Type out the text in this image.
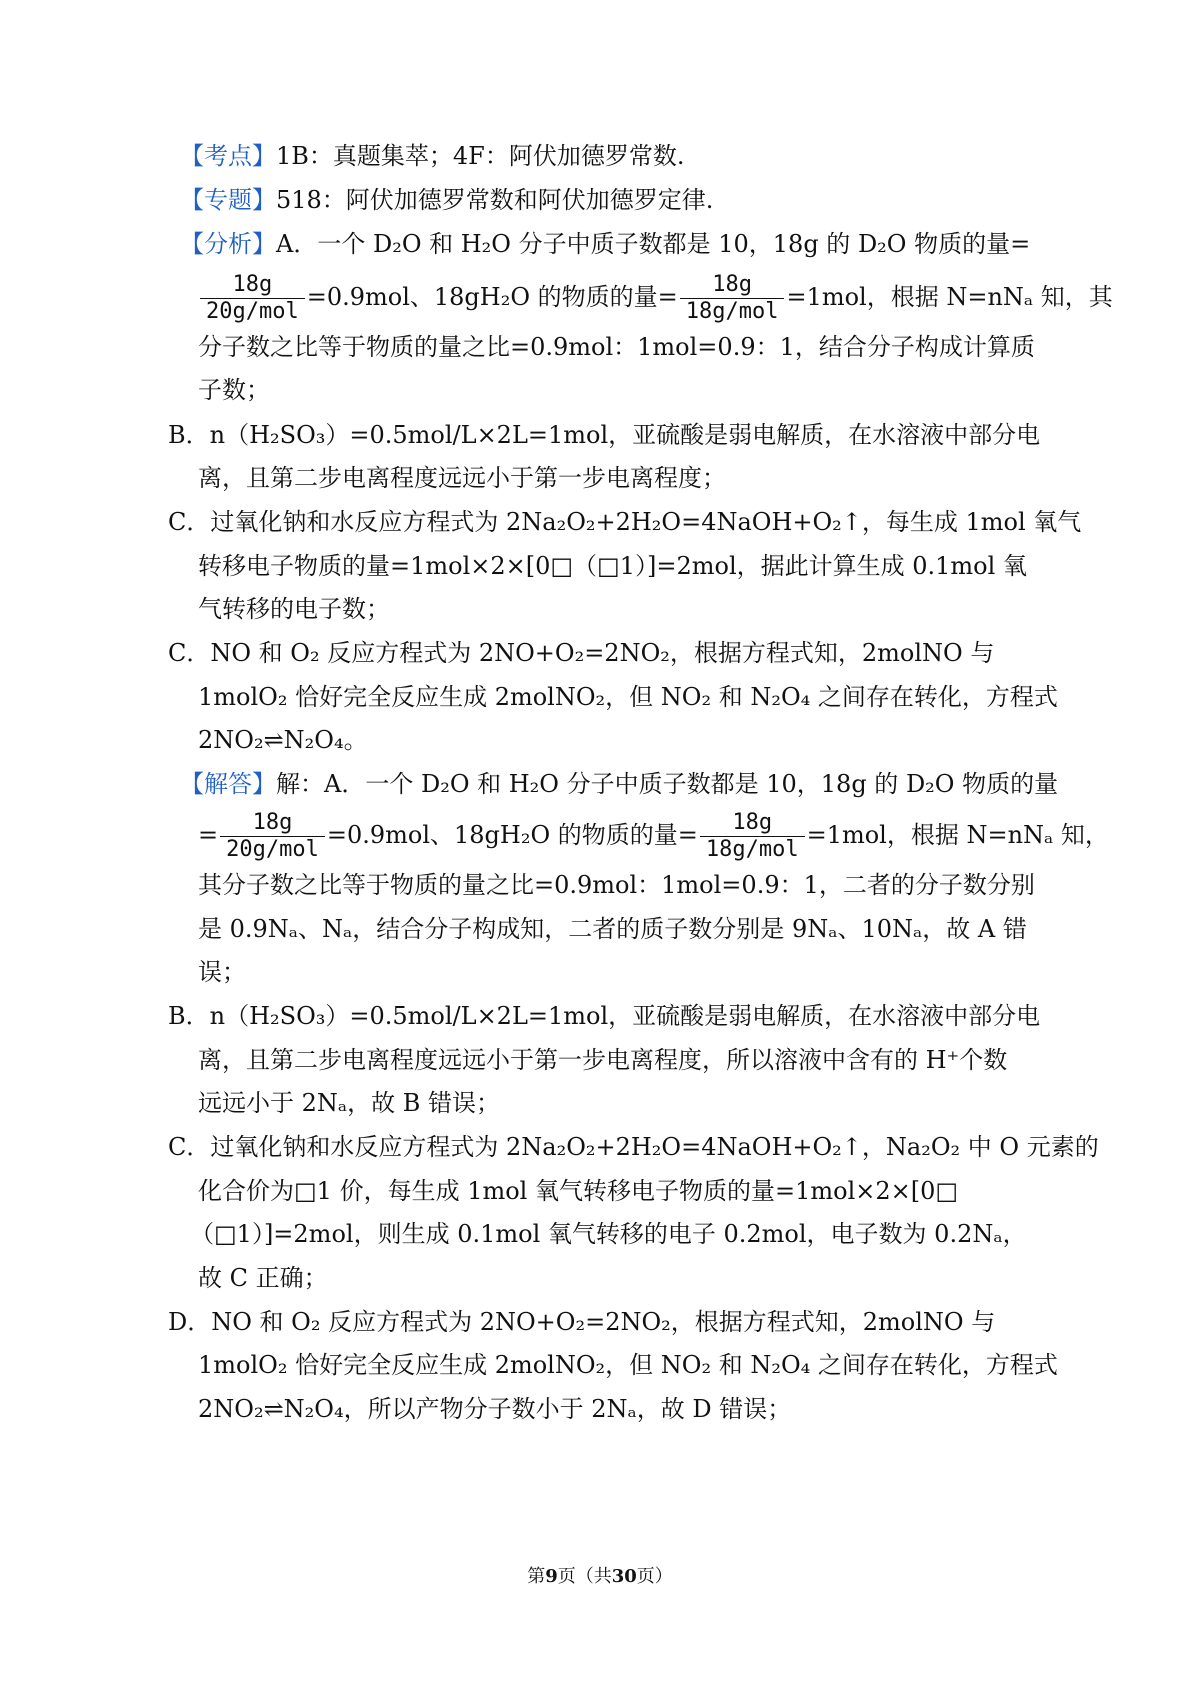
【考点】1B：真题集萃；4F：阿伏加德罗常数.
【专题】518：阿伏加德罗常数和阿伏加德罗定律.
【分析】A．一个 D₂O 和 H₂O 分子中质子数都是 10，18g 的 D₂O 物质的量=
$\frac{18g}{\text{20g/mol}} =0.9mol$、18gH₂O 的物质的量= $\frac{18g}{\text{18g/mol}} =1mol$，根据 N=nNₐ 知，其
分子数之比等于物质的量之比=0.9mol：1mol=0.9：1，结合分子构成计算质
子数；
B．n（H₂SO₃）=0.5mol/L×2L=1mol，亚硫酸是弱电解质，在水溶液中部分电
离，且第二步电离程度远远小于第一步电离程度；
C．过氧化钠和水反应方程式为 2Na₂O₂+2H₂O=4NaOH+O₂↑，每生成 1mol 氧气
转移电子物质的量=1mol×2×[0□（□1）]=2mol，据此计算生成 0.1mol 氧
气转移的电子数；
C．NO 和 O₂ 反应方程式为 2NO+O₂=2NO₂，根据方程式知，2molNO 与
1molO₂ 恰好完全反应生成 2molNO₂，但 NO₂ 和 N₂O₄ 之间存在转化，方程式
2NO₂⇌N₂O₄。
【解答】解：A．一个 D₂O 和 H₂O 分子中质子数都是 10，18g 的 D₂O 物质的量
= $\frac{18g}{\text{20g/mol}} =0.9mol$、18gH₂O 的物质的量= $\frac{18g}{\text{18g/mol}} =1mol$，根据 N=nNₐ 知，
其分子数之比等于物质的量之比=0.9mol：1mol=0.9：1，二者的分子数分别
是 0.9Nₐ、Nₐ，结合分子构成知，二者的质子数分别是 9Nₐ、10Nₐ，故 A 错
误；
B．n（H₂SO₃）=0.5mol/L×2L=1mol，亚硫酸是弱电解质，在水溶液中部分电
离，且第二步电离程度远远小于第一步电离程度，所以溶液中含有的 H⁺个数
远远小于 2Nₐ，故 B 错误；
C．过氧化钠和水反应方程式为 2Na₂O₂+2H₂O=4NaOH+O₂↑，Na₂O₂ 中 O 元素的
化合价为□1 价，每生成 1mol 氧气转移电子物质的量=1mol×2×[0□
（□1）]=2mol，则生成 0.1mol 氧气转移的电子 0.2mol，电子数为 0.2Nₐ，
故 C 正确；
D．NO 和 O₂ 反应方程式为 2NO+O₂=2NO₂，根据方程式知，2molNO 与
1molO₂ 恰好完全反应生成 2molNO₂，但 NO₂ 和 N₂O₄ 之间存在转化，方程式
2NO₂⇌N₂O₄，所以产物分子数小于 2Nₐ，故 D 错误；
第9页（共30页）
